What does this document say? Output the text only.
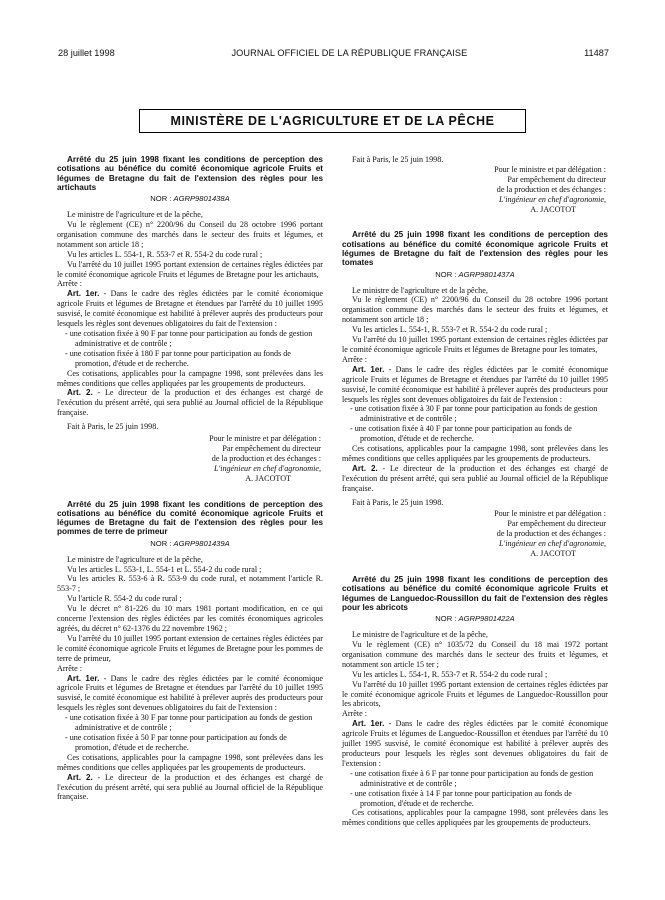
28 juillet 1998	JOURNAL OFFICIEL DE LA RÉPUBLIQUE FRANÇAISE	11487
MINISTÈRE DE L'AGRICULTURE ET DE LA PÊCHE

Arrêté du 25 juin 1998 fixant les conditions de perception des cotisations au bénéfice du comité économique agricole Fruits et légumes de Bretagne du fait de l'extension des règles pour les artichauts

NOR : AGRP9801438A

Le ministre de l'agriculture et de la pêche,

Vu le règlement (CE) n° 2200/96 du Conseil du 28 octobre 1996 portant organisation commune des marchés dans le secteur des fruits et légumes, et notamment son article 18 ;

Vu les articles L. 554-1, R. 553-7 et R. 554-2 du code rural ;

Vu l'arrêté du 10 juillet 1995 portant extension de certaines règles édictées par le comité économique agricole Fruits et légumes de Bretagne pour les artichauts,

Arrête :

Art. 1er. - Dans le cadre des règles édictées par le comité économique agricole Fruits et légumes de Bretagne et étendues par l'arrêté du 10 juillet 1995 susvisé, le comité économique est habilité à prélever auprès des producteurs pour lesquels les règles sont devenues obligatoires du fait de l'extension :

- une cotisation fixée à 90 F par tonne pour participation au fonds de gestion administrative et de contrôle ;

- une cotisation fixée à 180 F par tonne pour participation au fonds de promotion, d'étude et de recherche.

Ces cotisations, applicables pour la campagne 1998, sont prélevées dans les mêmes conditions que celles appliquées par les groupements de producteurs.

Art. 2. - Le directeur de la production et des échanges est chargé de l'exécution du présent arrêté, qui sera publié au Journal officiel de la République française.

Fait à Paris, le 25 juin 1998.

Pour le ministre et par délégation :
Par empêchement du directeur
de la production et des échanges :
L'ingénieur en chef d'agronomie,
A. JACOTOT

Arrêté du 25 juin 1998 fixant les conditions de perception des cotisations au bénéfice du comité économique agricole Fruits et légumes de Bretagne du fait de l'extension des règles pour les pommes de terre de primeur

NOR : AGRP9801439A

Le ministre de l'agriculture et de la pêche,

Vu les articles L. 553-1, L. 554-1 et L. 554-2 du code rural ;

Vu les articles R. 553-6 à R. 553-9 du code rural, et notamment l'article R. 553-7 ;

Vu l'article R. 554-2 du code rural ;

Vu le décret n° 81-226 du 10 mars 1981 portant modification, en ce qui concerne l'extension des règles édictées par les comités économiques agricoles agréés, du décret n° 62-1376 du 22 novembre 1962 ;

Vu l'arrêté du 10 juillet 1995 portant extension de certaines règles édictées par le comité économique agricole Fruits et légumes de Bretagne pour les pommes de terre de primeur,

Arrête :

Art. 1er. - Dans le cadre des règles édictées par le comité économique agricole Fruits et légumes de Bretagne et étendues par l'arrêté du 10 juillet 1995 susvisé, le comité économique est habilité à prélever auprès des producteurs pour lesquels les règles sont devenues obligatoires du fait de l'extension :

- une cotisation fixée à 30 F par tonne pour participation au fonds de gestion administrative et de contrôle ;

- une cotisation fixée à 50 F par tonne pour participation au fonds de promotion, d'étude et de recherche.

Ces cotisations, applicables pour la campagne 1998, sont prélevées dans les mêmes conditions que celles appliquées par les groupements de producteurs.

Art. 2. - Le directeur de la production et des échanges est chargé de l'exécution du présent arrêté, qui sera publié au Journal officiel de la République française.

Fait à Paris, le 25 juin 1998.

Pour le ministre et par délégation :
Par empêchement du directeur
de la production et des échanges :
L'ingénieur en chef d'agronomie,
A. JACOTOT

Arrêté du 25 juin 1998 fixant les conditions de perception des cotisations au bénéfice du comité économique agricole Fruits et légumes de Bretagne du fait de l'extension des règles pour les tomates

NOR : AGRP9801437A

Le ministre de l'agriculture et de la pêche,

Vu le règlement (CE) n° 2200/96 du Conseil du 28 octobre 1996 portant organisation commune des marchés dans le secteur des fruits et légumes, et notamment son article 18 ;

Vu les articles L. 554-1, R. 553-7 et R. 554-2 du code rural ;

Vu l'arrêté du 10 juillet 1995 portant extension de certaines règles édictées par le comité économique agricole Fruits et légumes de Bretagne pour les tomates,

Arrête :

Art. 1er. - Dans le cadre des règles édictées par le comité économique agricole Fruits et légumes de Bretagne et étendues par l'arrêté du 10 juillet 1995 susvisé, le comité économique est habilité à prélever auprès des producteurs pour lesquels les règles sont devenues obligatoires du fait de l'extension :

- une cotisation fixée à 30 F par tonne pour participation au fonds de gestion administrative et de contrôle ;

- une cotisation fixée à 40 F par tonne pour participation au fonds de promotion, d'étude et de recherche.

Ces cotisations, applicables pour la campagne 1998, sont prélevées dans les mêmes conditions que celles appliquées par les groupements de producteurs.

Art. 2. - Le directeur de la production et des échanges est chargé de l'exécution du présent arrêté, qui sera publié au Journal officiel de la République française.

Fait à Paris, le 25 juin 1998.

Pour le ministre et par délégation :
Par empêchement du directeur
de la production et des échanges :
L'ingénieur en chef d'agronomie,
A. JACOTOT

Arrêté du 25 juin 1998 fixant les conditions de perception des cotisations au bénéfice du comité économique agricole Fruits et légumes de Languedoc-Roussillon du fait de l'extension des règles pour les abricots

NOR : AGRP9801422A

Le ministre de l'agriculture et de la pêche,

Vu le règlement (CE) n° 1035/72 du Conseil du 18 mai 1972 portant organisation commune des marchés dans le secteur des fruits et légumes, et notamment son article 15 ter ;

Vu les articles L. 554-1, R. 553-7 et R. 554-2 du code rural ;

Vu l'arrêté du 10 juillet 1995 portant extension de certaines règles édictées par le comité économique agricole Fruits et légumes de Languedoc-Roussillon pour les abricots,

Arrête :

Art. 1er. - Dans le cadre des règles édictées par le comité économique agricole Fruits et légumes de Languedoc-Roussillon et étendues par l'arrêté du 10 juillet 1995 susvisé, le comité économique est habilité à prélever auprès des producteurs pour lesquels les règles sont devenues obligatoires du fait de l'extension :

- une cotisation fixée à 6 F par tonne pour participation au fonds de gestion administrative et de contrôle ;

- une cotisation fixée à 14 F par tonne pour participation au fonds de promotion, d'étude et de recherche.

Ces cotisations, applicables pour la campagne 1998, sont prélevées dans les mêmes conditions que celles appliquées par les groupements de producteurs.
